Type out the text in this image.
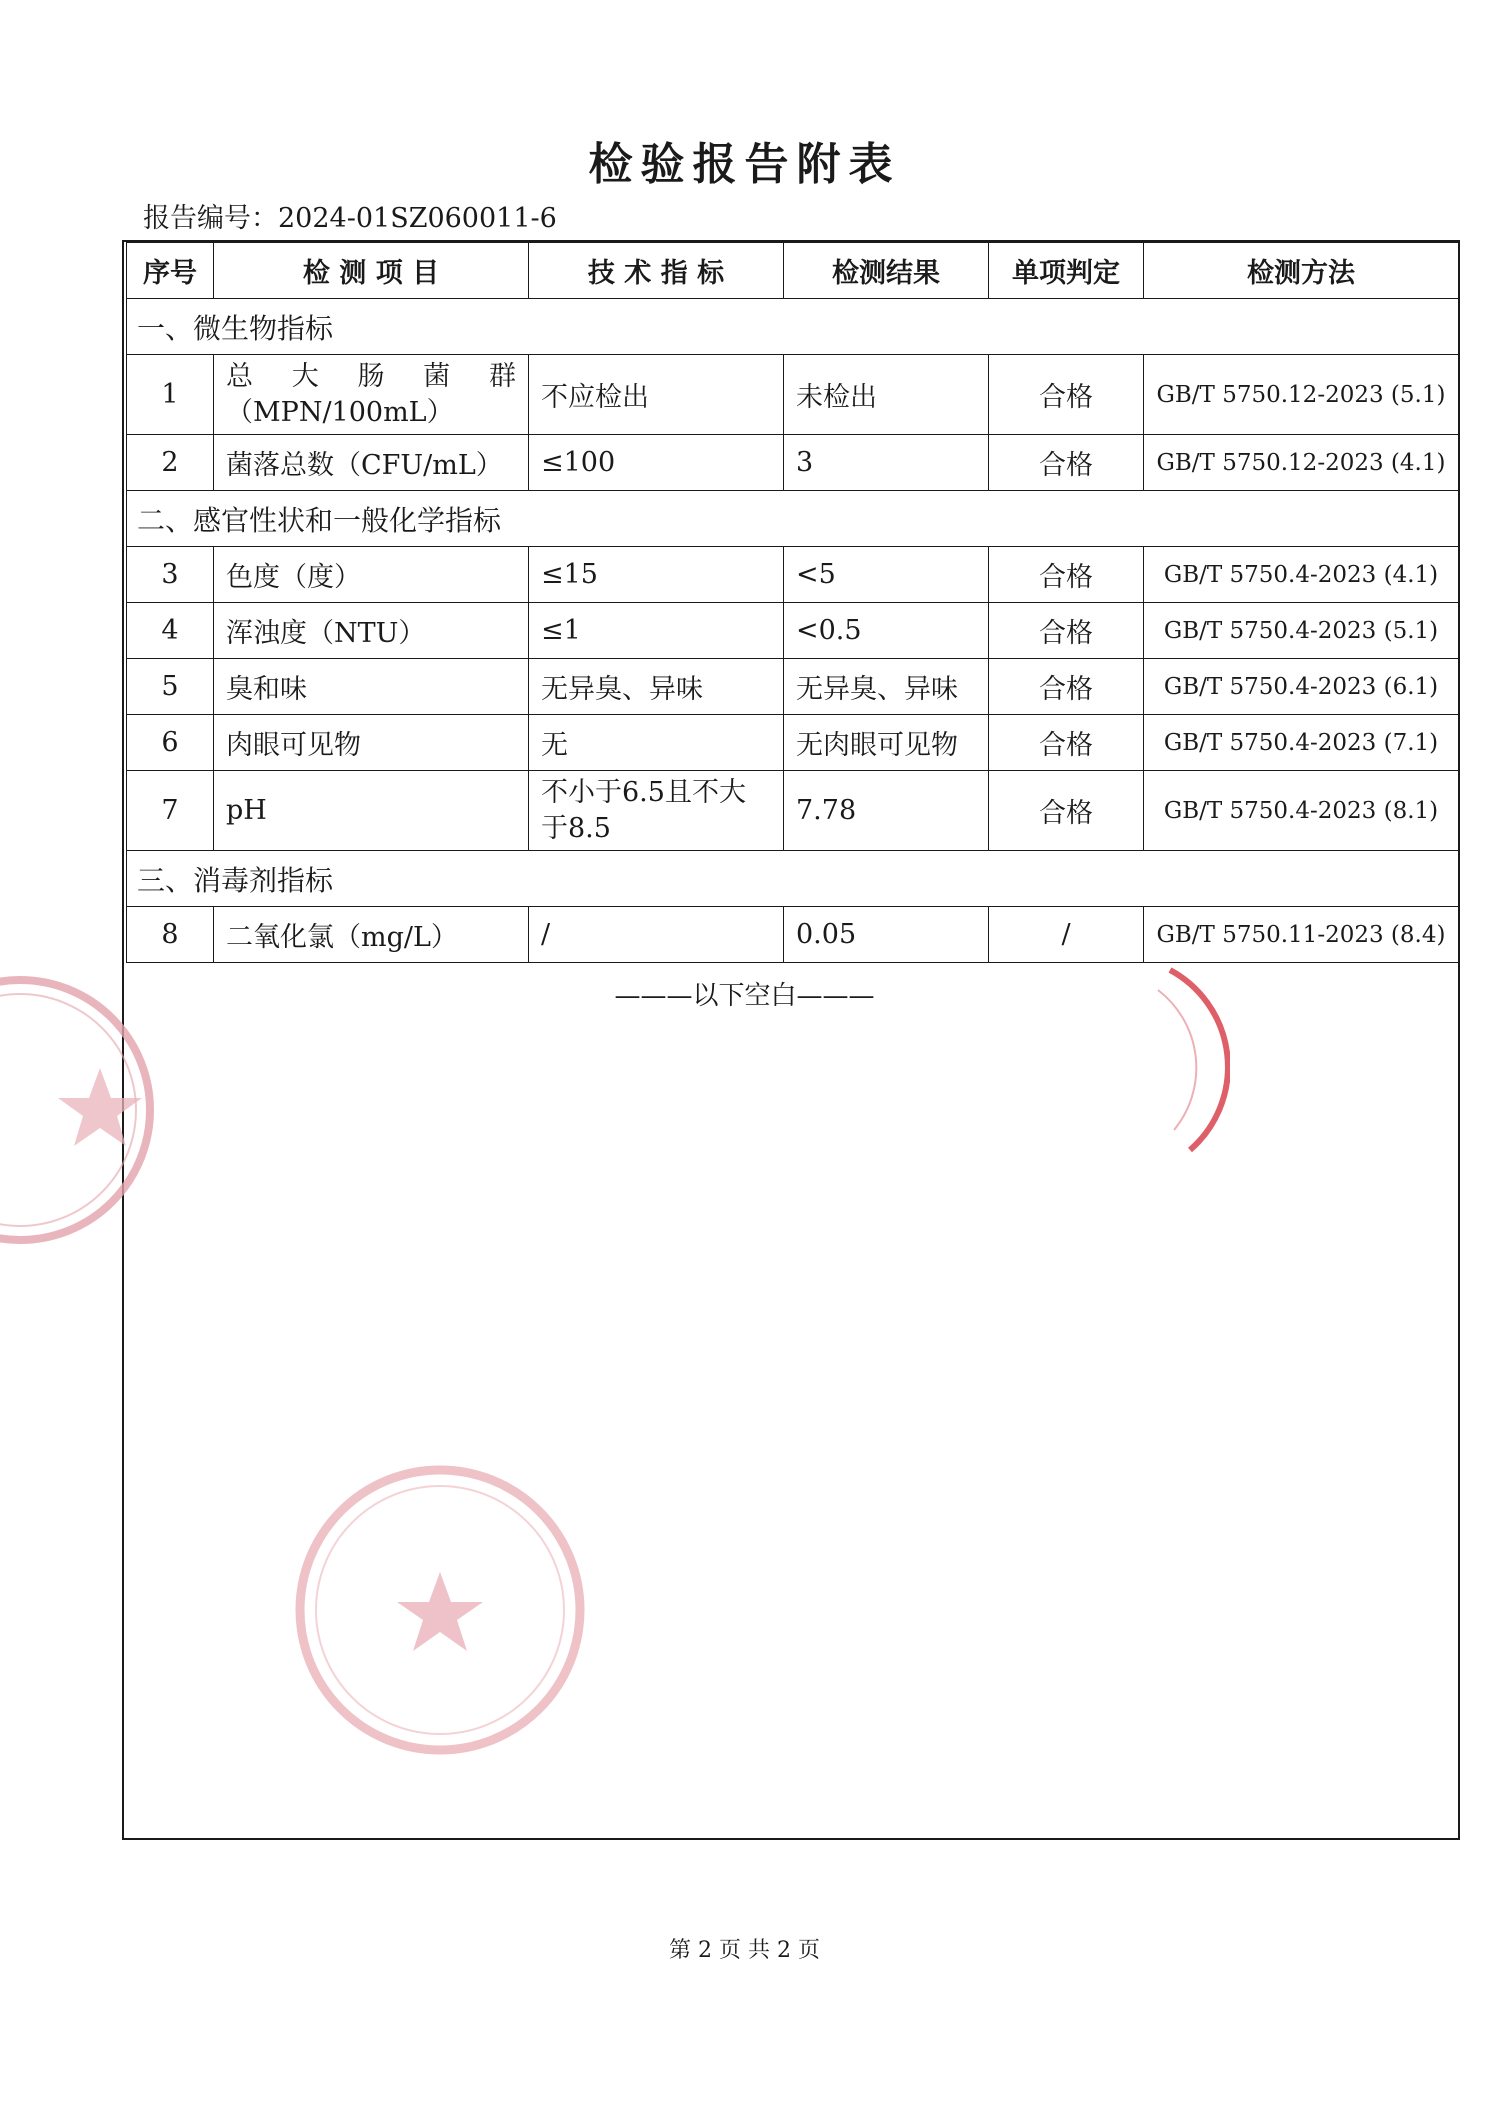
检验报告附表
报告编号：2024-01SZ060011-6
序号	检 测 项 目	技 术 指 标	检测结果	单项判定	检测方法
一、微生物指标					
1	总 大 肠 菌 群 （MPN/100mL）	不应检出	未检出	合格	GB/T 5750.12-2023 (5.1)
2	菌落总数（CFU/mL）	≤100	3	合格	GB/T 5750.12-2023 (4.1)
二、感官性状和一般化学指标					
3	色度（度）	≤15	<5	合格	GB/T 5750.4-2023 (4.1)
4	浑浊度（NTU）	≤1	<0.5	合格	GB/T 5750.4-2023 (5.1)
5	臭和味	无异臭、异味	无异臭、异味	合格	GB/T 5750.4-2023 (6.1)
6	肉眼可见物	无	无肉眼可见物	合格	GB/T 5750.4-2023 (7.1)
7	pH	不小于6.5且不大于8.5	7.78	合格	GB/T 5750.4-2023 (8.1)
三、消毒剂指标					
8	二氧化氯（mg/L）	/	0.05	/	GB/T 5750.11-2023 (8.4)
———以下空白———
第 2 页 共 2 页
